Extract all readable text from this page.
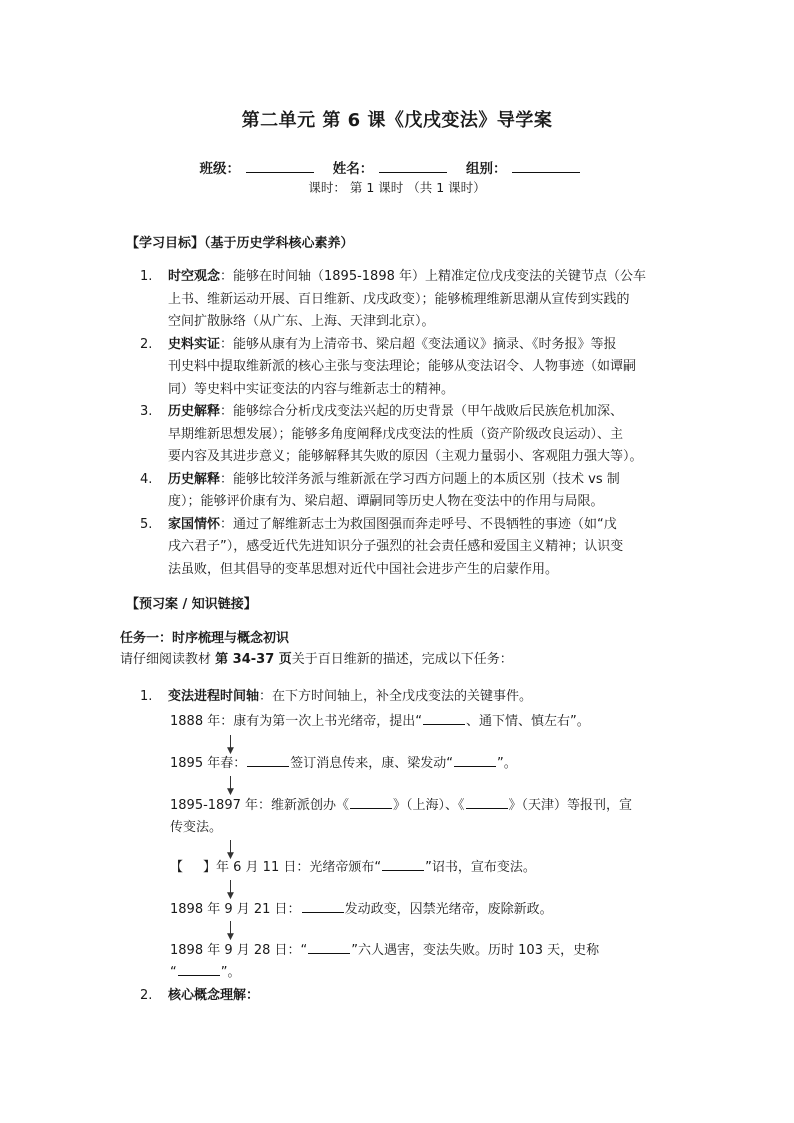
第二单元 第 6 课《戊戌变法》导学案
班级：	姓名：	组别：
课时： 第 1 课时 （共 1 课时）
【学习目标】（基于历史学科核心素养）
1. 时空观念：能够在时间轴（1895-1898 年）上精准定位戊戌变法的关键节点（公车
上书、维新运动开展、百日维新、戊戌政变）；能够梳理维新思潮从宣传到实践的
空间扩散脉络（从广东、上海、天津到北京）。
2. 史料实证：能够从康有为上清帝书、梁启超《变法通议》摘录、《时务报》等报
刊史料中提取维新派的核心主张与变法理论；能够从变法诏令、人物事迹（如谭嗣
同）等史料中实证变法的内容与维新志士的精神。
3. 历史解释：能够综合分析戊戌变法兴起的历史背景（甲午战败后民族危机加深、
早期维新思想发展）；能够多角度阐释戊戌变法的性质（资产阶级改良运动）、主
要内容及其进步意义；能够解释其失败的原因（主观力量弱小、客观阻力强大等）。
4. 历史解释：能够比较洋务派与维新派在学习西方问题上的本质区别（技术 vs 制
度）；能够评价康有为、梁启超、谭嗣同等历史人物在变法中的作用与局限。
5. 家国情怀：通过了解维新志士为救国图强而奔走呼号、不畏牺牲的事迹（如“戊
戌六君子”），感受近代先进知识分子强烈的社会责任感和爱国主义精神；认识变
法虽败，但其倡导的变革思想对近代中国社会进步产生的启蒙作用。
【预习案 / 知识链接】
任务一：时序梳理与概念初识
请仔细阅读教材 第 34-37 页关于百日维新的描述，完成以下任务：
1. 变法进程时间轴：在下方时间轴上，补全戊戌变法的关键事件。
1888 年：康有为第一次上书光绪帝，提出“	、通下情、慎左右”。
▼
1895 年春：	签订消息传来，康、梁发动“	”。
▼
1895-1897 年：维新派创办《	》（上海）、《	》（天津）等报刊，宣
传变法。
▼
【 】年 6 月 11 日：光绪帝颁布“	”诏书，宣布变法。
▼
1898 年 9 月 21 日：	发动政变，囚禁光绪帝，废除新政。
▼
1898 年 9 月 28 日：“	”六人遇害，变法失败。历时 103 天，史称
“	”。
2. 核心概念理解：
